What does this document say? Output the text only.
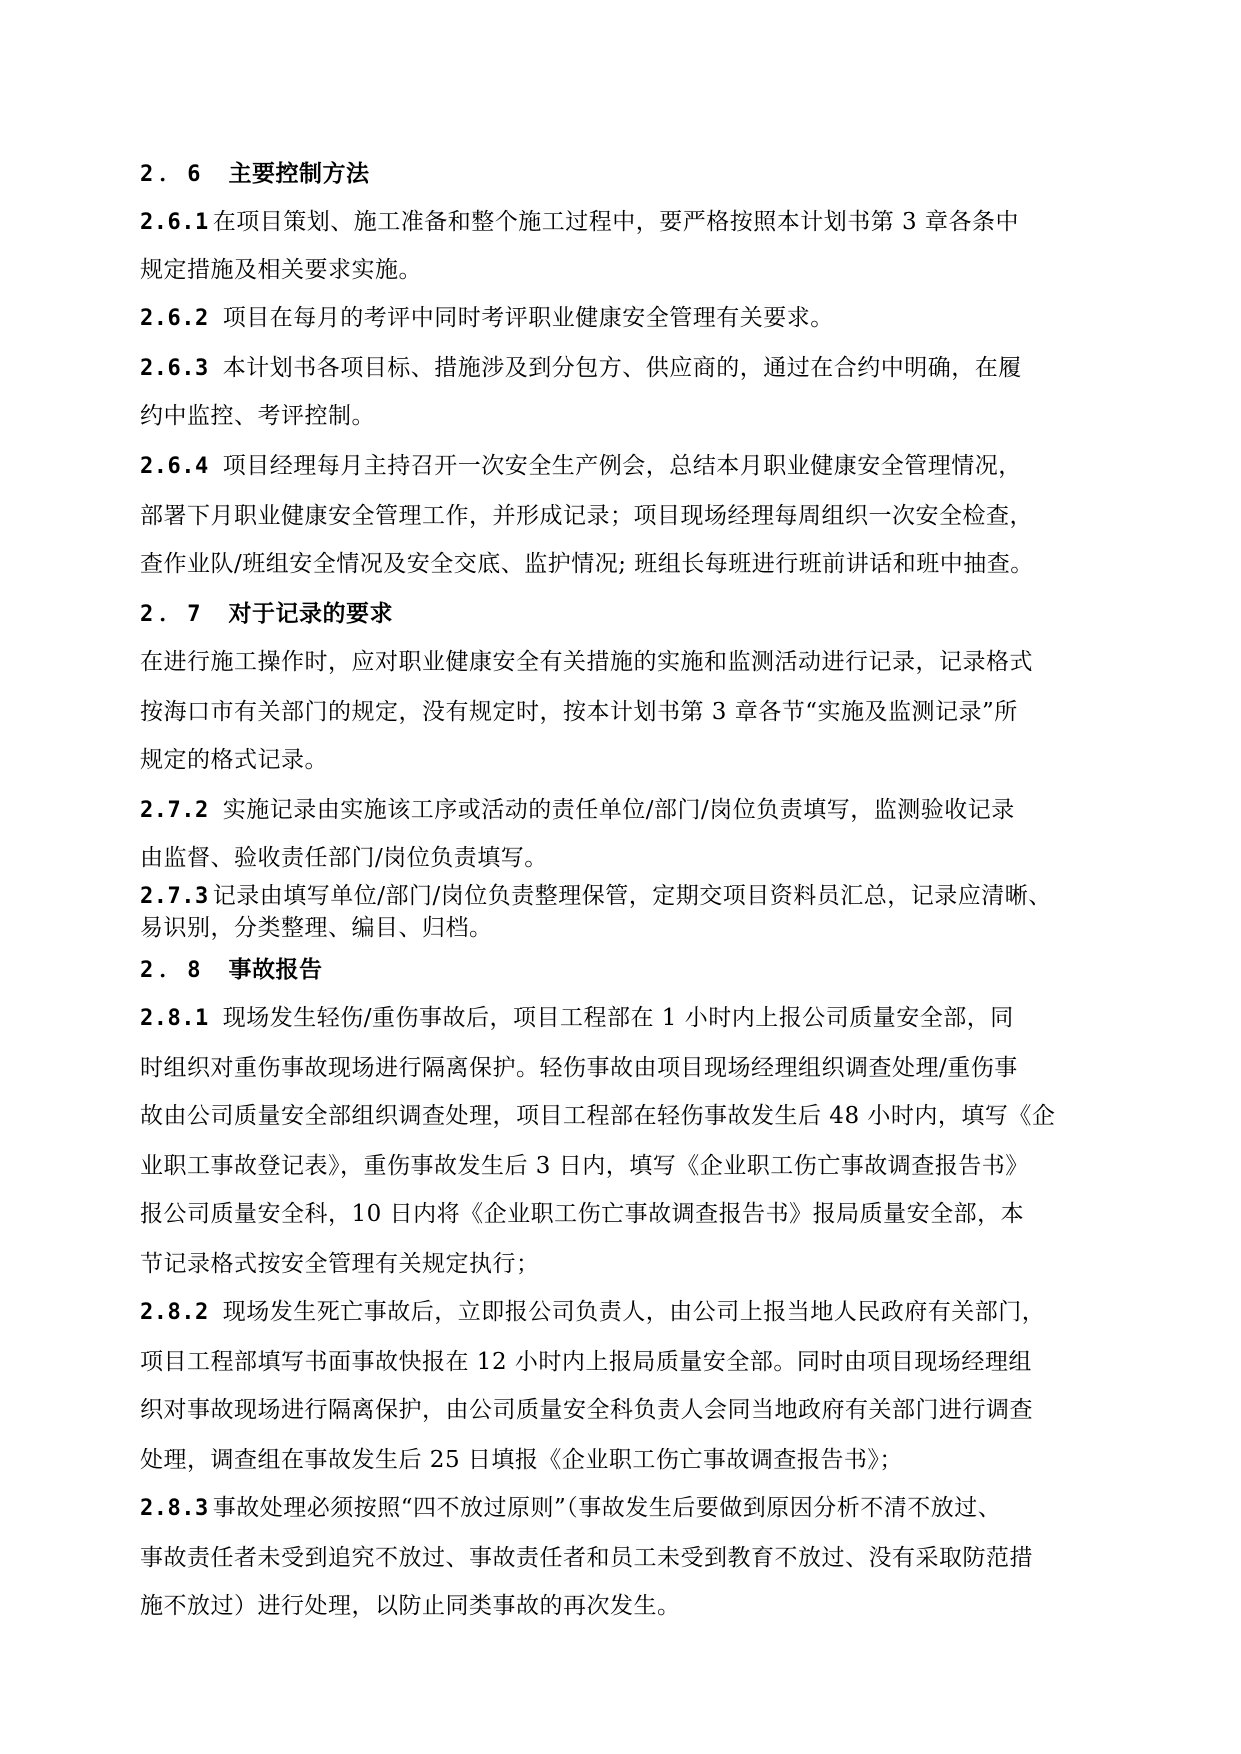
2．6 主要控制方法
2.6.1 在项目策划、施工准备和整个施工过程中，要严格按照本计划书第 3 章各条中
规定措施及相关要求实施。
2.6.2 项目在每月的考评中同时考评职业健康安全管理有关要求。
2.6.3 本计划书各项目标、措施涉及到分包方、供应商的，通过在合约中明确，在履
约中监控、考评控制。
2.6.4 项目经理每月主持召开一次安全生产例会，总结本月职业健康安全管理情况，
部署下月职业健康安全管理工作，并形成记录；项目现场经理每周组织一次安全检查，
查作业队/班组安全情况及安全交底、监护情况; 班组长每班进行班前讲话和班中抽查。
2．7 对于记录的要求
在进行施工操作时，应对职业健康安全有关措施的实施和监测活动进行记录，记录格式
按海口市有关部门的规定，没有规定时，按本计划书第 3 章各节“实施及监测记录”所
规定的格式记录。
2.7.2 实施记录由实施该工序或活动的责任单位/部门/岗位负责填写，监测验收记录
由监督、验收责任部门/岗位负责填写。
2.7.3 记录由填写单位/部门/岗位负责整理保管，定期交项目资料员汇总，记录应清晰、
易识别，分类整理、编目、归档。
2．8 事故报告
2.8.1 现场发生轻伤/重伤事故后，项目工程部在 1 小时内上报公司质量安全部，同
时组织对重伤事故现场进行隔离保护。轻伤事故由项目现场经理组织调查处理/重伤事
故由公司质量安全部组织调查处理，项目工程部在轻伤事故发生后 48 小时内，填写《企
业职工事故登记表》，重伤事故发生后 3 日内，填写《企业职工伤亡事故调查报告书》
报公司质量安全科，10 日内将《企业职工伤亡事故调查报告书》报局质量安全部，本
节记录格式按安全管理有关规定执行；
2.8.2 现场发生死亡事故后，立即报公司负责人，由公司上报当地人民政府有关部门，
项目工程部填写书面事故快报在 12 小时内上报局质量安全部。同时由项目现场经理组
织对事故现场进行隔离保护，由公司质量安全科负责人会同当地政府有关部门进行调查
处理，调查组在事故发生后 25 日填报《企业职工伤亡事故调查报告书》；
2.8.3 事故处理必须按照“四不放过原则”（事故发生后要做到原因分析不清不放过、
事故责任者未受到追究不放过、事故责任者和员工未受到教育不放过、没有采取防范措
施不放过）进行处理，以防止同类事故的再次发生。
